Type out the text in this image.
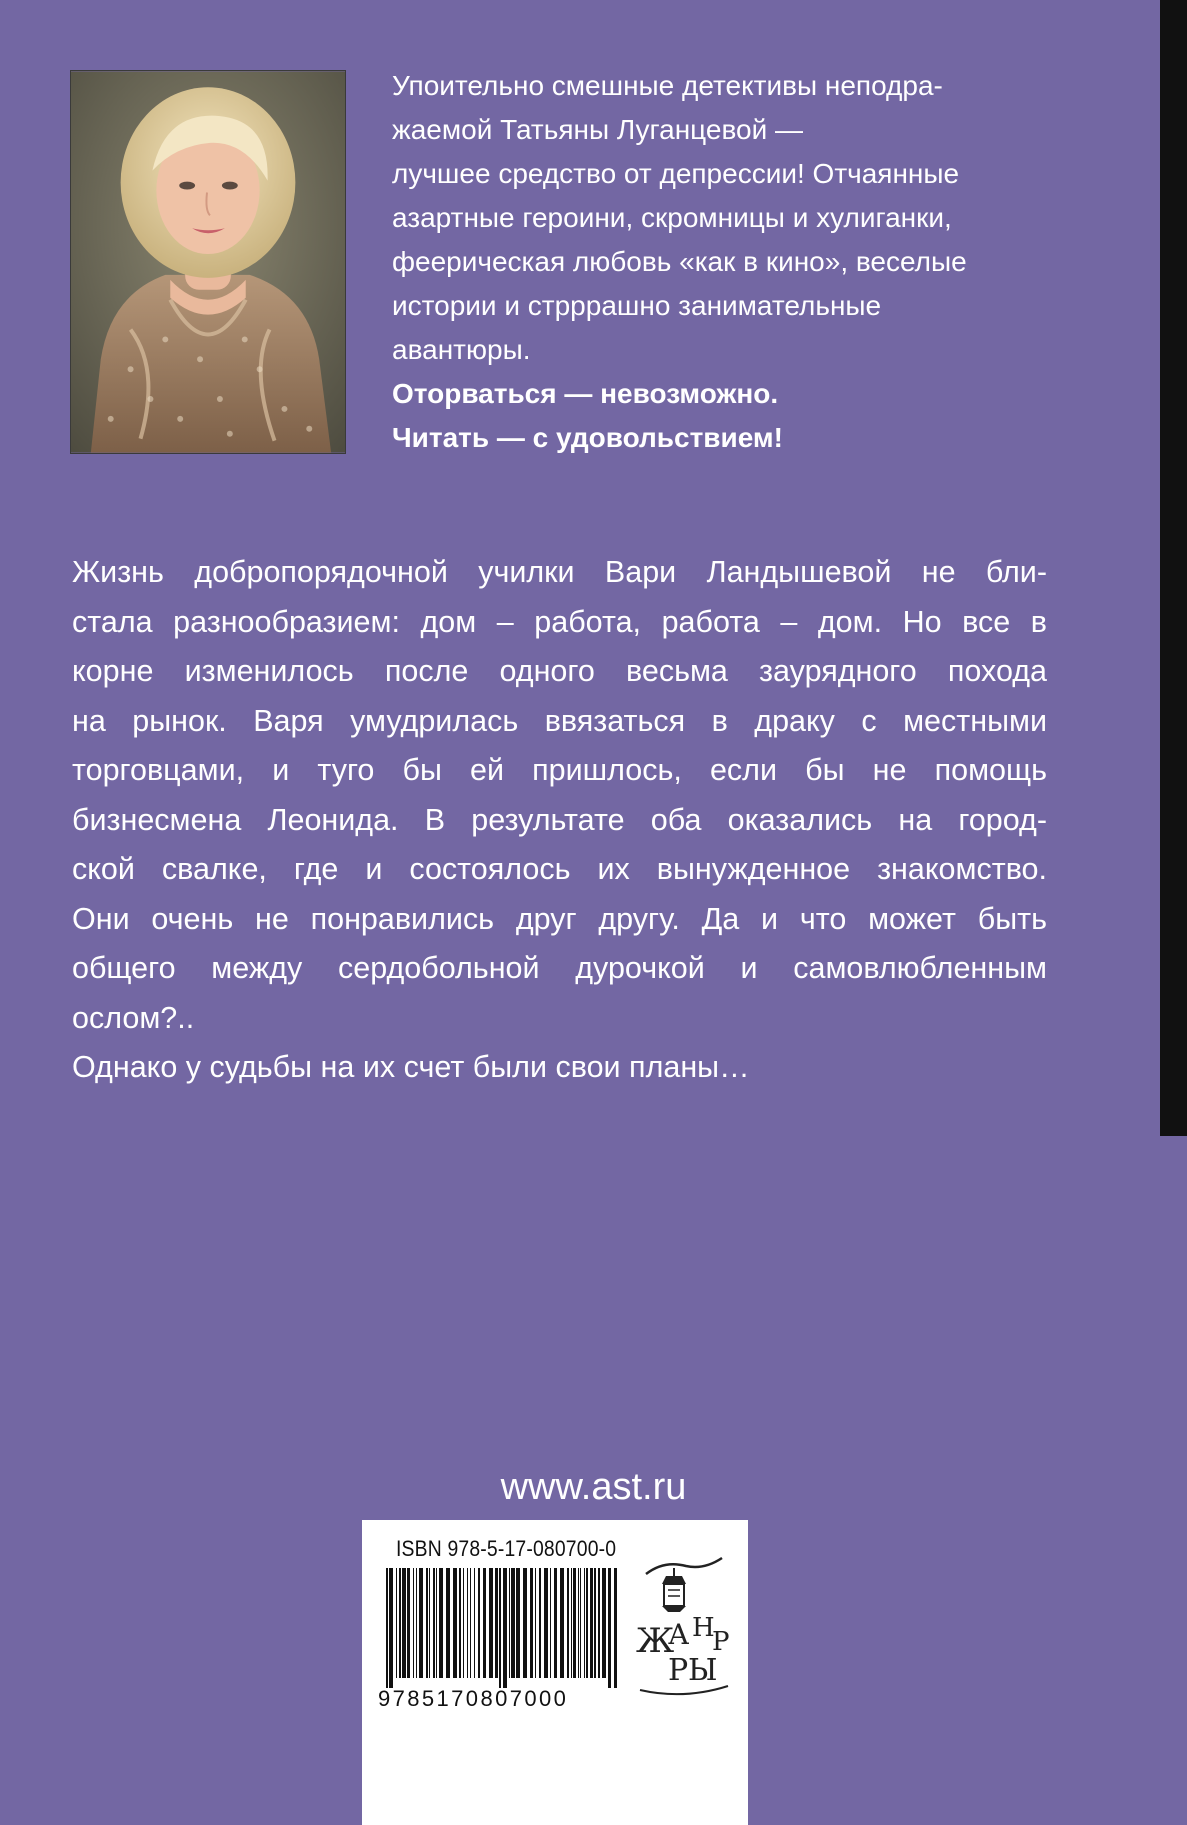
Упоительно смешные детективы неподра-

жаемой Татьяны Луганцевой —

лучшее средство от депрессии! Отчаянные

азартные героини, скромницы и хулиганки,

феерическая любовь «как в кино», веселые

истории и стрррашно занимательные

авантюры.

Оторваться — невозможно.

Читать — с удовольствием!

Жизнь добропорядочной училки Вари Ландышевой не бли-

стала разнообразием: дом – работа, работа – дом. Но все в

корне изменилось после одного весьма заурядного похода

на рынок. Варя умудрилась ввязаться в драку с местными

торговцами, и туго бы ей пришлось, если бы не помощь

бизнесмена Леонида. В результате оба оказались на город-

ской свалке, где и состоялось их вынужденное знакомство.

Они очень не понравились друг другу. Да и что может быть

общего между сердобольной дурочкой и самовлюбленным

ослом?..

Однако у судьбы на их счет были свои планы…

www.ast.ru
ISBN 978-5-17-080700-0
9785170807000
Ж
А Н
Р
Р Ы
